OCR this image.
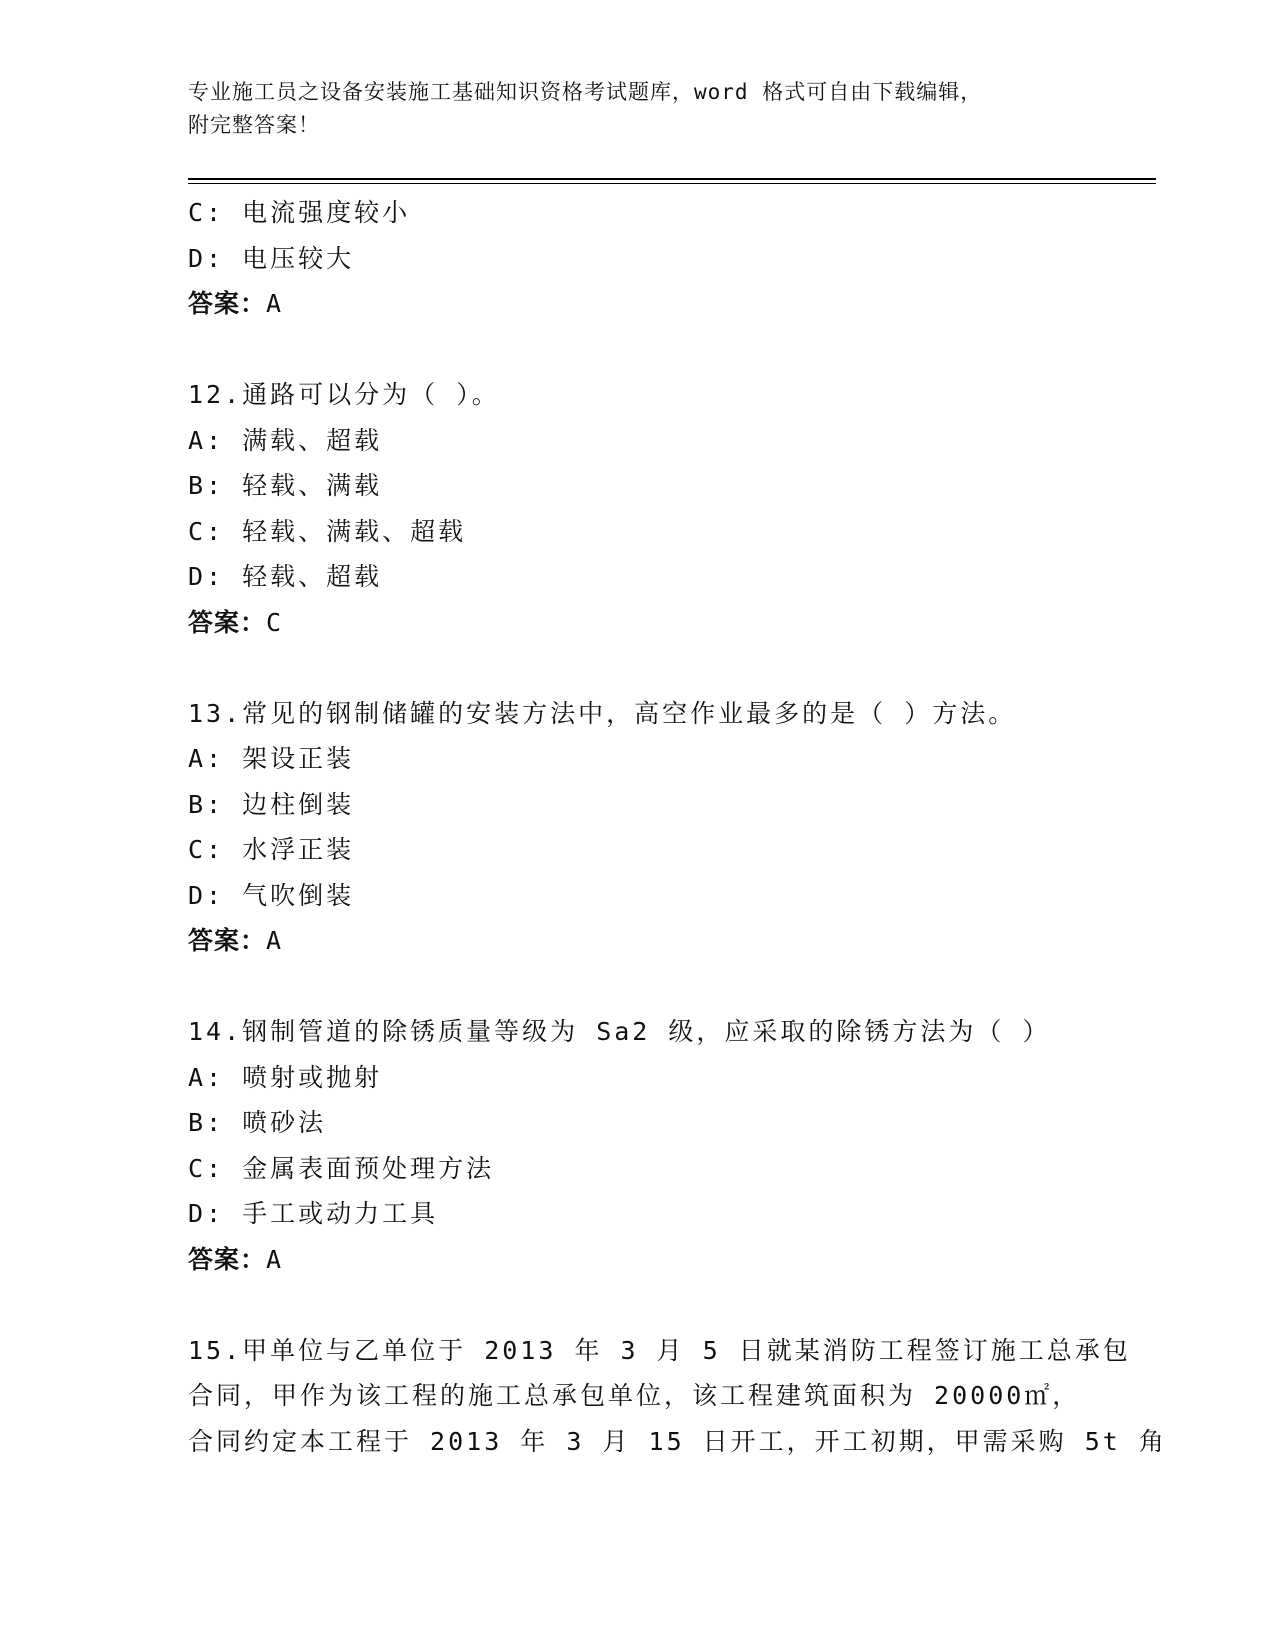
专业施工员之设备安装施工基础知识资格考试题库，word 格式可自由下载编辑，
附完整答案！
C: 电流强度较小
D: 电压较大
答案：A
12.通路可以分为（ ）。
A: 满载、超载
B: 轻载、满载
C: 轻载、满载、超载
D: 轻载、超载
答案：C
13.常见的钢制储罐的安装方法中，高空作业最多的是（ ）方法。
A: 架设正装
B: 边柱倒装
C: 水浮正装
D: 气吹倒装
答案：A
14.钢制管道的除锈质量等级为 Sa2 级，应采取的除锈方法为（ ）
A: 喷射或抛射
B: 喷砂法
C: 金属表面预处理方法
D: 手工或动力工具
答案：A
15.甲单位与乙单位于 2013 年 3 月 5 日就某消防工程签订施工总承包
合同，甲作为该工程的施工总承包单位，该工程建筑面积为 20000㎡，
合同约定本工程于 2013 年 3 月 15 日开工，开工初期，甲需采购 5t 角
